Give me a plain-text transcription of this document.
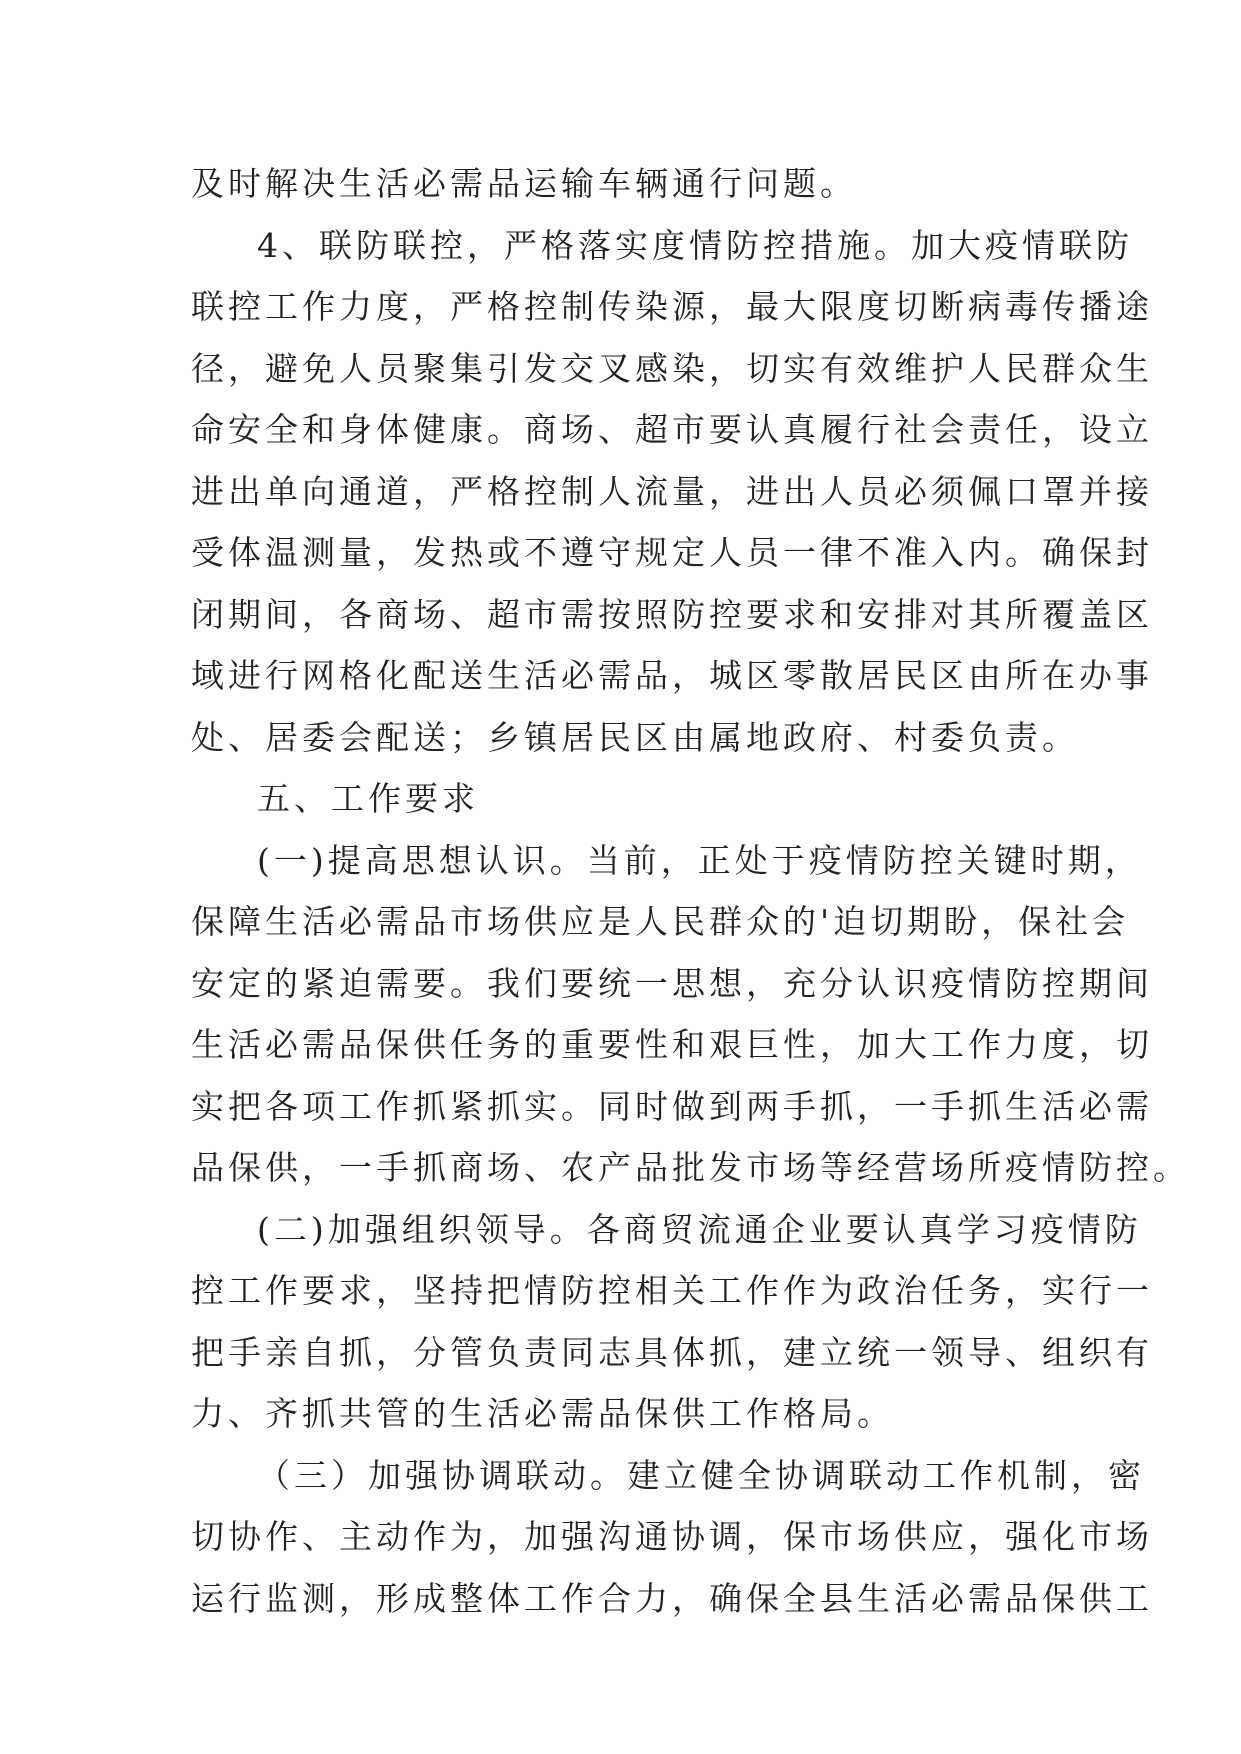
及时解决生活必需品运输车辆通行问题。
4、联防联控，严格落实度情防控措施。加大疫情联防
联控工作力度，严格控制传染源，最大限度切断病毒传播途
径，避免人员聚集引发交叉感染，切实有效维护人民群众生
命安全和身体健康。商场、超市要认真履行社会责任，设立
进出单向通道，严格控制人流量，进出人员必须佩口罩并接
受体温测量，发热或不遵守规定人员一律不准入内。确保封
闭期间，各商场、超市需按照防控要求和安排对其所覆盖区
域进行网格化配送生活必需品，城区零散居民区由所在办事
处、居委会配送；乡镇居民区由属地政府、村委负责。
五、工作要求
(一)提高思想认识。当前，正处于疫情防控关键时期，
保障生活必需品市场供应是人民群众的'迫切期盼，保社会
安定的紧迫需要。我们要统一思想，充分认识疫情防控期间
生活必需品保供任务的重要性和艰巨性，加大工作力度，切
实把各项工作抓紧抓实。同时做到两手抓，一手抓生活必需
品保供，一手抓商场、农产品批发市场等经营场所疫情防控。
(二)加强组织领导。各商贸流通企业要认真学习疫情防
控工作要求，坚持把情防控相关工作作为政治任务，实行一
把手亲自抓，分管负责同志具体抓，建立统一领导、组织有
力、齐抓共管的生活必需品保供工作格局。
（三）加强协调联动。建立健全协调联动工作机制，密
切协作、主动作为，加强沟通协调，保市场供应，强化市场
运行监测，形成整体工作合力，确保全县生活必需品保供工
